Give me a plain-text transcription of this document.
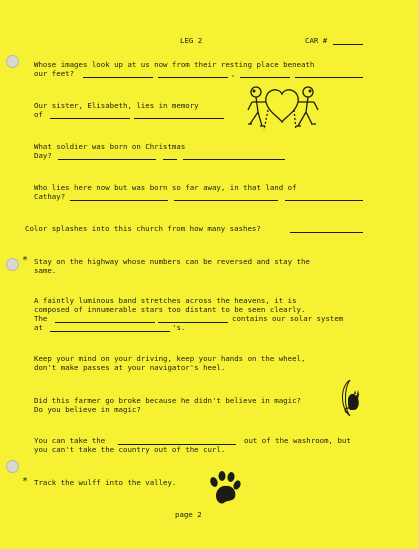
LEG 2	CAR #
Whose images look up at us now from their resting place beneath
our feet?	,
Our sister, Elisabeth, lies in memory
of
What soldier was born on Christmas
Day?
Who lies here now but was born so far away, in that land of
Cathay?
Color splashes into this church from how many sashes?
* Stay on the highway whose numbers can be reversed and stay the
same.
A faintly luminous band stretches across the heavens, it is
composed of innumerable stars too distant to be seen clearly.
The	contains our solar system
at	's.
Keep your mind on your driving, keep your hands on the wheel,
don't make passes at your navigator's heel.
Did this farmer go broke because he didn't believe in magic?
Do you believe in magic?
You can take the	out of the washroom, but
you can't take the country out of the curl.
* Track the wulff into the valley.
page 2
